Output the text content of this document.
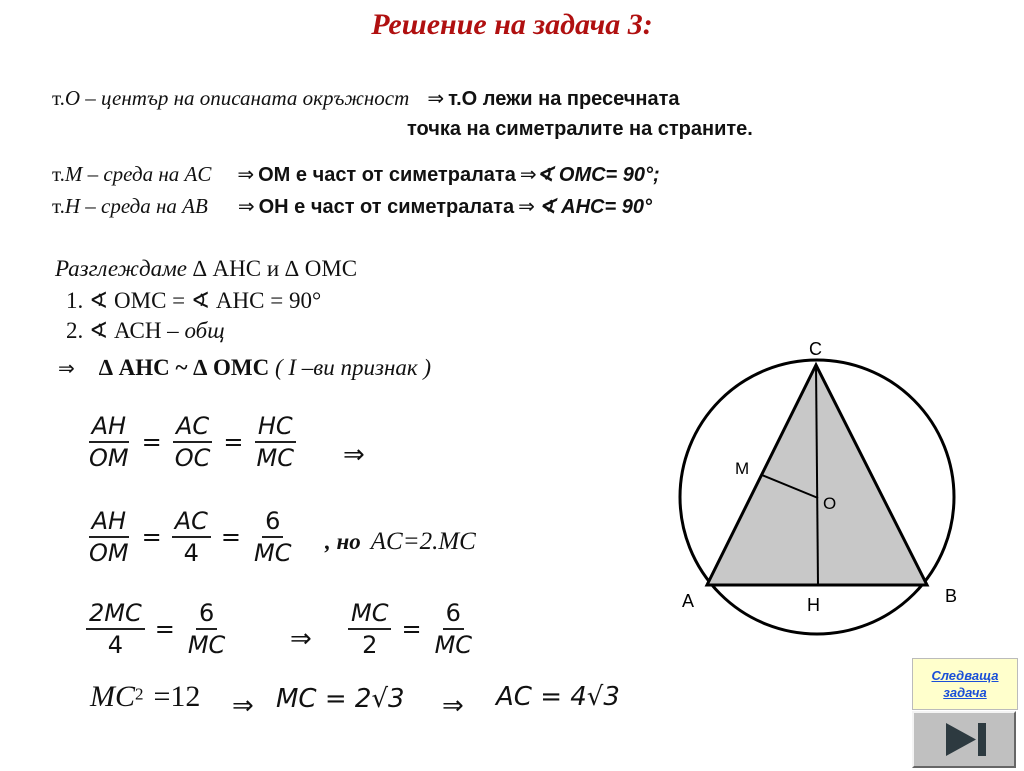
Решение на задача 3:
т.O – център на описаната окръжност ⇒ т.О лежи на пресечната
точка на симетралите на страните.
т.M – среда на AC ⇒ ОМ е част от симетралата ⇒∢ ОМС= 90°;
т.H – среда на AB ⇒ ОН е част от симетралата ⇒ ∢ АНС= 90°
Разглеждаме ∆ АНС и ∆ ОМС
1. ∢ ОМС = ∢ АНС = 90°
2. ∢ АСН – общ
⇒ ∆ АНС ~ ∆ ОМС ( I –ви признак )
$\frac{AH}{OM} = \frac{AC}{OC} = \frac{HC}{MC}$ ⇒
$\frac{AH}{OM} = \frac{AC}{4} = \frac{6}{MC}$ , но AC=2.MC
$\frac{2MC}{4} = \frac{6}{MC}$ ⇒ $\frac{MC}{2} = \frac{6}{MC}$
$MC^2 =12$ ⇒ MC = 2√3 ⇒ AC = 4√3
C
M
O
A	B
H
Следваща
задача
